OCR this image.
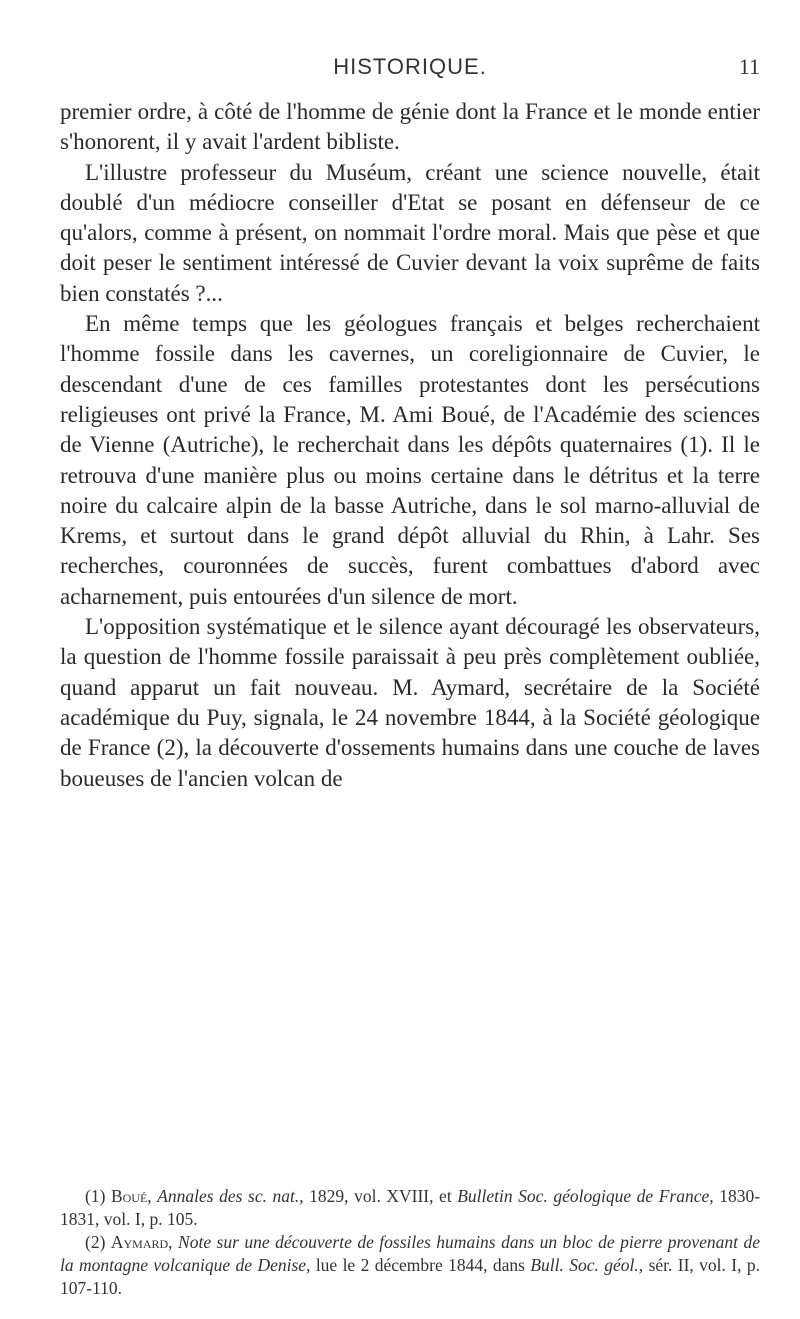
HISTORIQUE.	11

premier ordre, à côté de l'homme de génie dont la France et le monde entier s'honorent, il y avait l'ardent bibliste.

L'illustre professeur du Muséum, créant une science nouvelle, était doublé d'un médiocre conseiller d'Etat se posant en défenseur de ce qu'alors, comme à présent, on nommait l'ordre moral. Mais que pèse et que doit peser le sentiment intéressé de Cuvier devant la voix suprême de faits bien constatés ?...

En même temps que les géologues français et belges recherchaient l'homme fossile dans les cavernes, un coreligionnaire de Cuvier, le descendant d'une de ces familles protestantes dont les persécutions religieuses ont privé la France, M. Ami Boué, de l'Académie des sciences de Vienne (Autriche), le recherchait dans les dépôts quaternaires (1). Il le retrouva d'une manière plus ou moins certaine dans le détritus et la terre noire du calcaire alpin de la basse Autriche, dans le sol marno-alluvial de Krems, et surtout dans le grand dépôt alluvial du Rhin, à Lahr. Ses recherches, couronnées de succès, furent combattues d'abord avec acharnement, puis entourées d'un silence de mort.

L'opposition systématique et le silence ayant découragé les observateurs, la question de l'homme fossile paraissait à peu près complètement oubliée, quand apparut un fait nouveau. M. Aymard, secrétaire de la Société académique du Puy, signala, le 24 novembre 1844, à la Société géologique de France (2), la découverte d'ossements humains dans une couche de laves boueuses de l'ancien volcan de

(1) Boué, Annales des sc. nat., 1829, vol. XVIII, et Bulletin Soc. géologique de France, 1830-1831, vol. I, p. 105.

(2) Aymard, Note sur une découverte de fossiles humains dans un bloc de pierre provenant de la montagne volcanique de Denise, lue le 2 décembre 1844, dans Bull. Soc. géol., sér. II, vol. I, p. 107-110.
